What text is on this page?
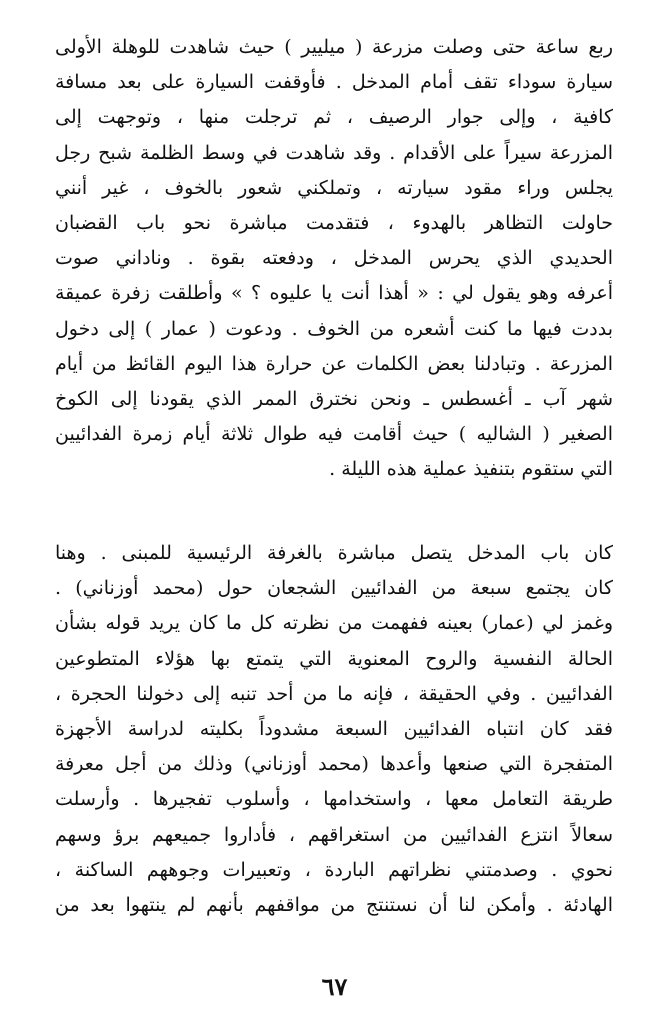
ربع ساعة حتى وصلت مزرعة ( ميليير ) حيث شاهدت للوهلة الأولى
سيارة سوداء تقف أمام المدخل . فأوقفت السيارة على بعد مسافة
كافية ، وإلى جوار الرصيف ، ثم ترجلت منها ، وتوجهت إلى
المزرعة سيراً على الأقدام . وقد شاهدت في وسط الظلمة شبح رجل
يجلس وراء مقود سيارته ، وتملكني شعور بالخوف ، غير أنني
حاولت التظاهر بالهدوء ، فتقدمت مباشرة نحو باب القضبان
الحديدي الذي يحرس المدخل ، ودفعته بقوة . وناداني صوت
أعرفه وهو يقول لي : « أهذا أنت يا عليوه ؟ » وأطلقت زفرة عميقة
بددت فيها ما كنت أشعره من الخوف . ودعوت ( عمار ) إلى دخول
المزرعة . وتبادلنا بعض الكلمات عن حرارة هذا اليوم القائظ من أيام
شهر آب ـ أغسطس ـ ونحن نخترق الممر الذي يقودنا إلى الكوخ
الصغير ( الشاليه ) حيث أقامت فيه طوال ثلاثة أيام زمرة الفدائيين
التي ستقوم بتنفيذ عملية هذه الليلة .
كان باب المدخل يتصل مباشرة بالغرفة الرئيسية للمبنى . وهنا
كان يجتمع سبعة من الفدائيين الشجعان حول (محمد أوزناني) .
وغمز لي (عمار) بعينه ففهمت من نظرته كل ما كان يريد قوله بشأن
الحالة النفسية والروح المعنوية التي يتمتع بها هؤلاء المتطوعين
الفدائيين . وفي الحقيقة ، فإنه ما من أحد تنبه إلى دخولنا الحجرة ،
فقد كان انتباه الفدائيين السبعة مشدوداً بكليته لدراسة الأجهزة
المتفجرة التي صنعها وأعدها (محمد أوزناني) وذلك من أجل معرفة
طريقة التعامل معها ، واستخدامها ، وأسلوب تفجيرها . وأرسلت
سعالاً انتزع الفدائيين من استغراقهم ، فأداروا جميعهم برؤ وسهم
نحوي . وصدمتني نظراتهم الباردة ، وتعبيرات وجوههم الساكنة ،
الهادئة . وأمكن لنا أن نستنتج من مواقفهم بأنهم لم ينتهوا بعد من
٦٧
